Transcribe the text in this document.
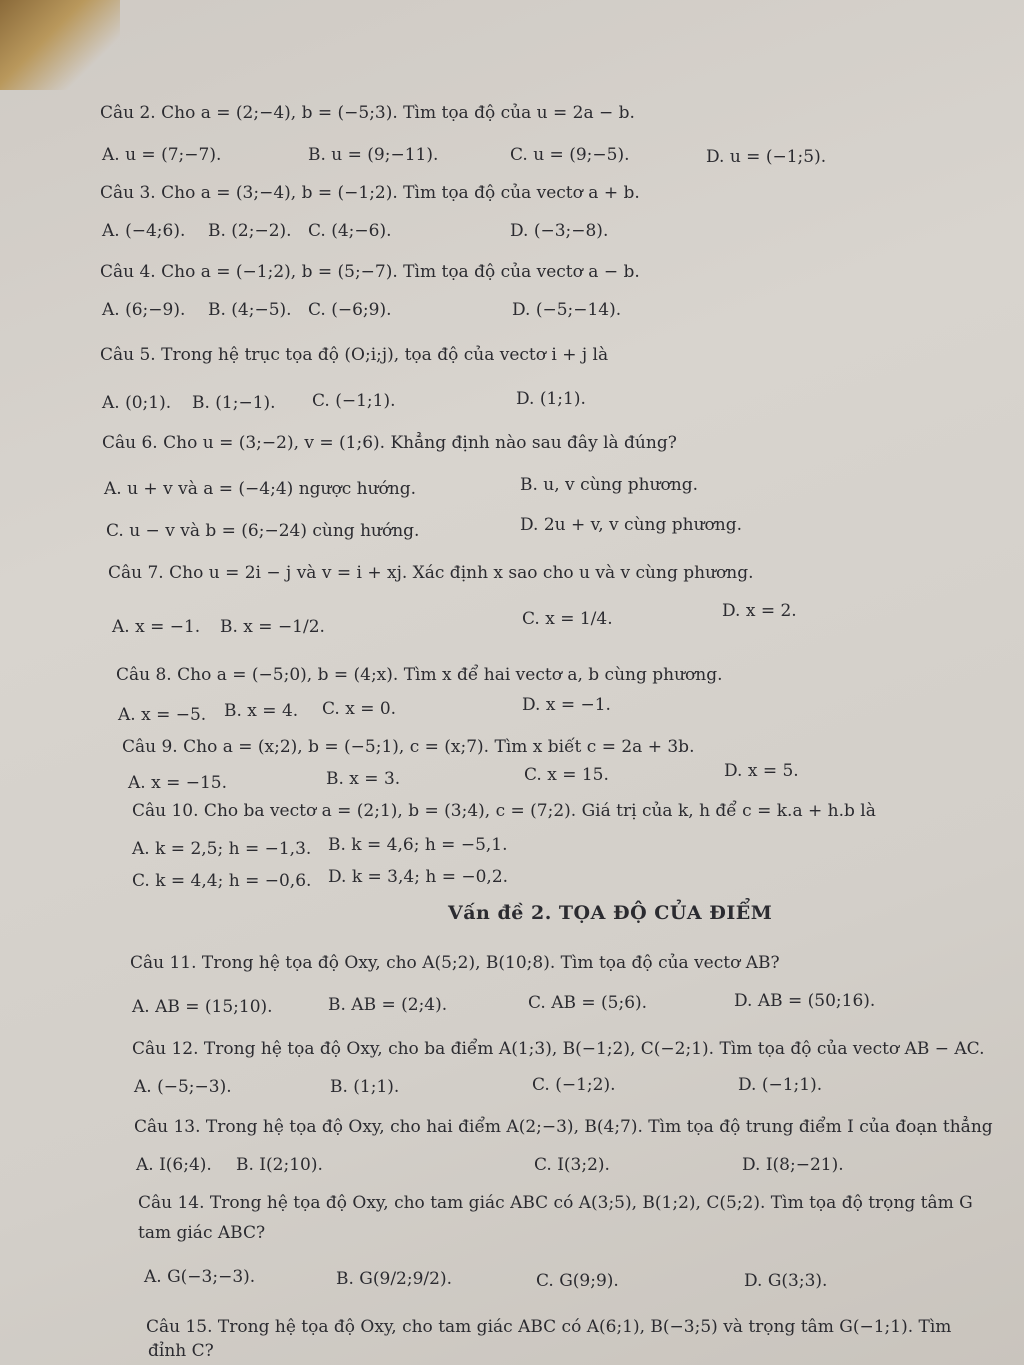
Câu 2. Cho a = (2;−4), b = (−5;3). Tìm tọa độ của u = 2a − b.
A. u = (7;−7).	B. u = (9;−11).	C. u = (9;−5).	D. u = (−1;5).
Câu 3. Cho a = (3;−4), b = (−1;2). Tìm tọa độ của vectơ a + b.
A. (−4;6). B. (2;−2). C. (4;−6).	D. (−3;−8).
Câu 4. Cho a = (−1;2), b = (5;−7). Tìm tọa độ của vectơ a − b.
A. (6;−9). B. (4;−5). C. (−6;9).	D. (−5;−14).
Câu 5. Trong hệ trục tọa độ (O;i;j), tọa độ của vectơ i + j là
A. (0;1). B. (1;−1). C. (−1;1).	D. (1;1).
Câu 6. Cho u = (3;−2), v = (1;6). Khẳng định nào sau đây là đúng?
A. u + v và a = (−4;4) ngược hướng.	B. u, v cùng phương.
C. u − v và b = (6;−24) cùng hướng.	D. 2u + v, v cùng phương.
Câu 7. Cho u = 2i − j và v = i + xj. Xác định x sao cho u và v cùng phương.
A. x = −1. B. x = −1/2.	C. x = 1/4.	D. x = 2.
Câu 8. Cho a = (−5;0), b = (4;x). Tìm x để hai vectơ a, b cùng phương.
A. x = −5. B. x = 4. C. x = 0.	D. x = −1.
Câu 9. Cho a = (x;2), b = (−5;1), c = (x;7). Tìm x biết c = 2a + 3b.
A. x = −15.	B. x = 3.	C. x = 15.	D. x = 5.
Câu 10. Cho ba vectơ a = (2;1), b = (3;4), c = (7;2). Giá trị của k, h để c = k.a + h.b là
A. k = 2,5; h = −1,3. B. k = 4,6; h = −5,1.
C. k = 4,4; h = −0,6. D. k = 3,4; h = −0,2.
Vấn đề 2. TỌA ĐỘ CỦA ĐIỂM
Câu 11. Trong hệ tọa độ Oxy, cho A(5;2), B(10;8). Tìm tọa độ của vectơ AB?
A. AB = (15;10).	B. AB = (2;4).	C. AB = (5;6).	D. AB = (50;16).
Câu 12. Trong hệ tọa độ Oxy, cho ba điểm A(1;3), B(−1;2), C(−2;1). Tìm tọa độ của vectơ AB − AC.
A. (−5;−3).	B. (1;1).	C. (−1;2).	D. (−1;1).
Câu 13. Trong hệ tọa độ Oxy, cho hai điểm A(2;−3), B(4;7). Tìm tọa độ trung điểm I của đoạn thẳng
A. I(6;4). B. I(2;10).	C. I(3;2).	D. I(8;−21).
Câu 14. Trong hệ tọa độ Oxy, cho tam giác ABC có A(3;5), B(1;2), C(5;2). Tìm tọa độ trọng tâm G
tam giác ABC?
A. G(−3;−3).	B. G(9/2;9/2).	C. G(9;9).	D. G(3;3).
Câu 15. Trong hệ tọa độ Oxy, cho tam giác ABC có A(6;1), B(−3;5) và trọng tâm G(−1;1). Tìm
đỉnh C?
